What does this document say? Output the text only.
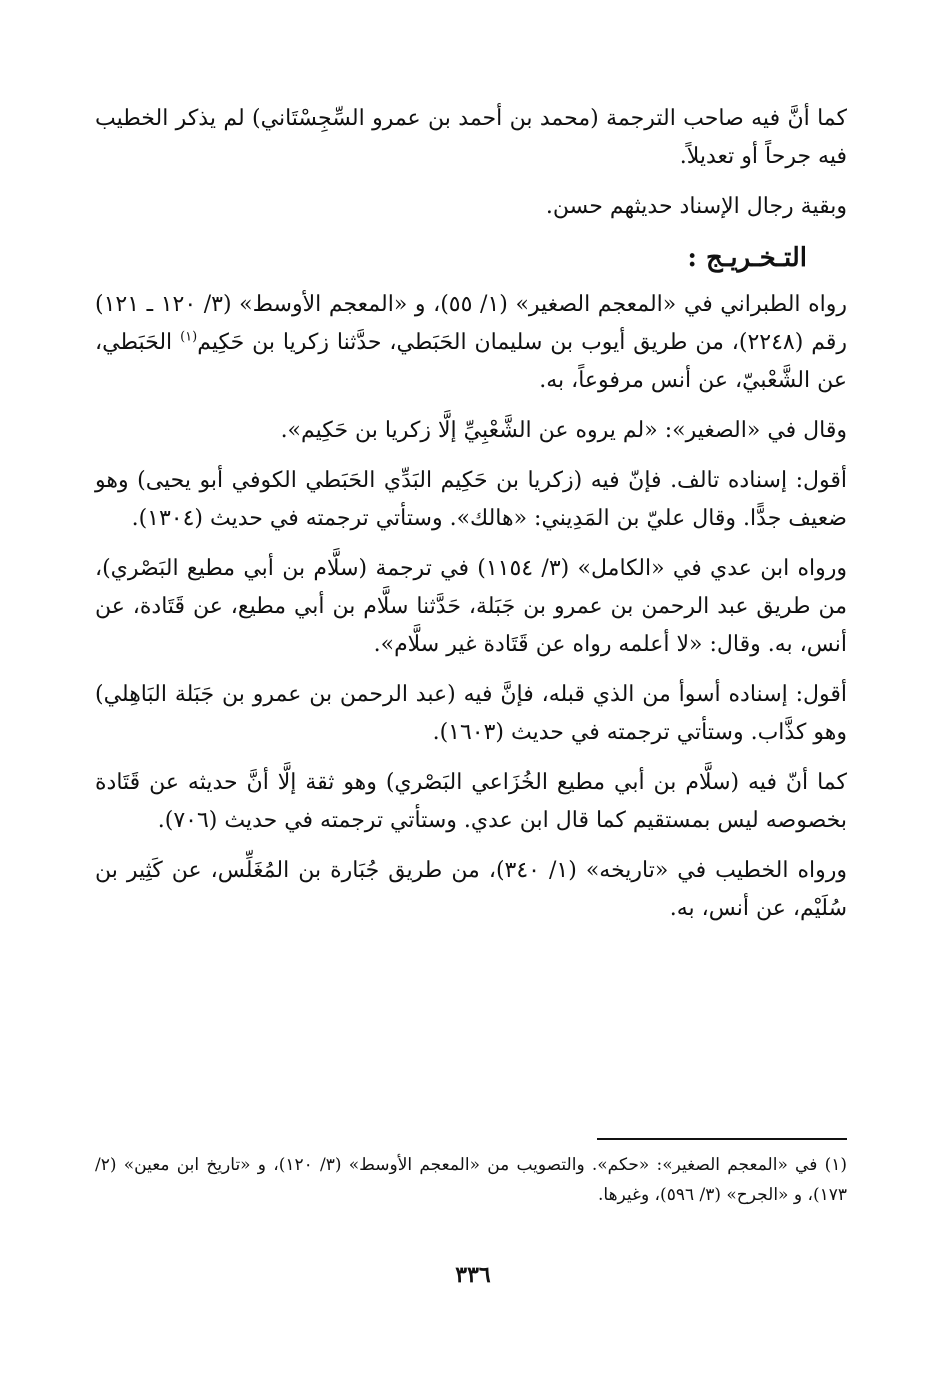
كما أنَّ فيه صاحب الترجمة (محمد بن أحمد بن عمرو السِّجِسْتَاني) لم يذكر الخطيب فيه جرحاً أو تعديلاً.

وبقية رجال الإسناد حديثهم حسن.

التـخـريـج :

رواه الطبراني في «المعجم الصغير» (١/ ٥٥)، و «المعجم الأوسط» (٣/ ١٢٠ ـ ١٢١) رقم (٢٢٤٨)، من طريق أيوب بن سليمان الحَبَطي، حدَّثنا زكريا بن حَكِيم$^{(١)}$ الحَبَطي، عن الشَّعْبيّ، عن أنس مرفوعاً، به.

وقال في «الصغير»: «لم يروه عن الشَّعْبِيِّ إلَّا زكريا بن حَكِيم».

أقول: إسناده تالف. فإنّ فيه (زكريا بن حَكِيم البَدِّي الحَبَطي الكوفي أبو يحيى) وهو ضعيف جدًّا. وقال عليّ بن المَدِيني: «هالك». وستأتي ترجمته في حديث (١٣٠٤).

ورواه ابن عدي في «الكامل» (٣/ ١١٥٤) في ترجمة (سلَّام بن أبي مطيع البَصْري)، من طريق عبد الرحمن بن عمرو بن جَبَلة، حَدَّثنا سلَّام بن أبي مطيع، عن قَتَادة، عن أنس، به. وقال: «لا أعلمه رواه عن قَتَادة غير سلَّام».

أقول: إسناده أسوأ من الذي قبله، فإنَّ فيه (عبد الرحمن بن عمرو بن جَبَلة البَاهِلي) وهو كذَّاب. وستأتي ترجمته في حديث (١٦٠٣).

كما أنّ فيه (سلَّام بن أبي مطيع الخُزَاعي البَصْري) وهو ثقة إلَّا أنَّ حديثه عن قَتَادة بخصوصه ليس بمستقيم كما قال ابن عدي. وستأتي ترجمته في حديث (٧٠٦).

ورواه الخطيب في «تاريخه» (١/ ٣٤٠)، من طريق جُبَارة بن المُغَلِّس، عن كَثِير بن سُلَيْم، عن أنس، به.

(١) في «المعجم الصغير»: «حكم». والتصويب من «المعجم الأوسط» (٣/ ١٢٠)، و «تاريخ ابن معين» (٢/ ١٧٣)، و «الجرح» (٣/ ٥٩٦)، وغيرها.
٣٣٦
